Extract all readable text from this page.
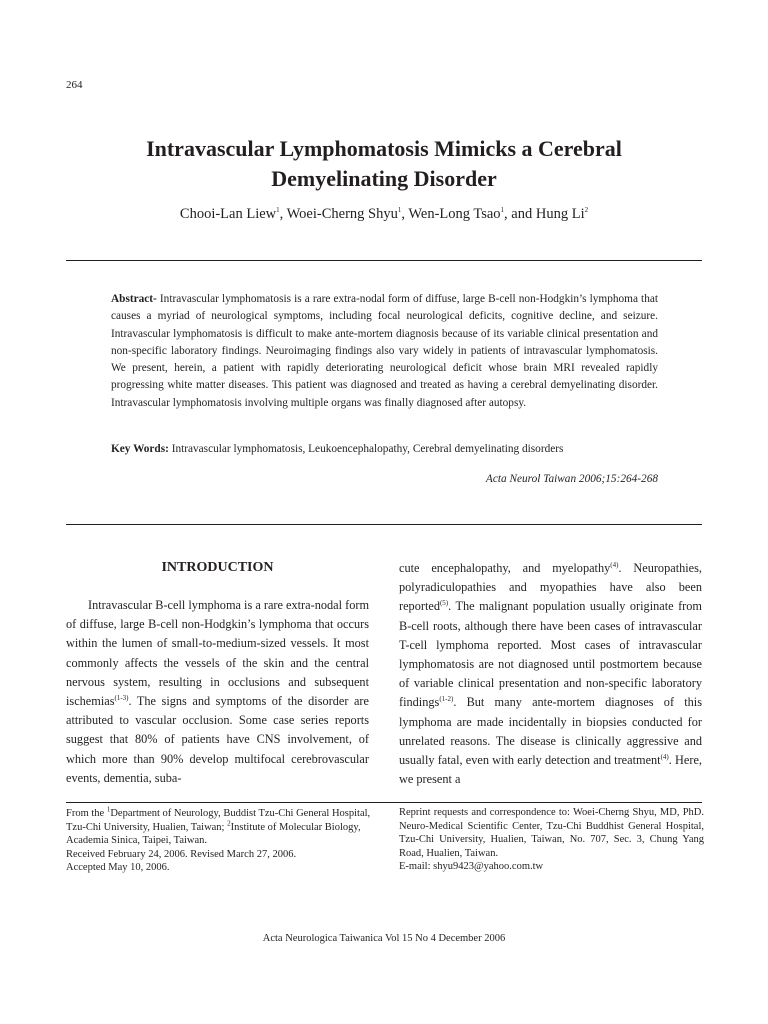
264
Intravascular Lymphomatosis Mimicks a Cerebral
Demyelinating Disorder
Chooi-Lan Liew$^1$, Woei-Cherng Shyu$^1$, Wen-Long Tsao$^1$, and Hung Li$^2$
Abstract- Intravascular lymphomatosis is a rare extra-nodal form of diffuse, large B-cell non-Hodgkin’s lymphoma that causes a myriad of neurological symptoms, including focal neurological deficits, cognitive decline, and seizure. Intravascular lymphomatosis is difficult to make ante-mortem diagnosis because of its variable clinical presentation and non-specific laboratory findings. Neuroimaging findings also vary widely in patients of intravascular lymphomatosis. We present, herein, a patient with rapidly deteriorating neurological deficit whose brain MRI revealed rapidly progressing white matter diseases. This patient was diagnosed and treated as having a cerebral demyelinating disorder. Intravascular lymphomatosis involving multiple organs was finally diagnosed after autopsy.
Key Words: Intravascular lymphomatosis, Leukoencephalopathy, Cerebral demyelinating disorders
Acta Neurol Taiwan 2006;15:264-268
INTRODUCTION

Intravascular B-cell lymphoma is a rare extra-nodal form of diffuse, large B-cell non-Hodgkin’s lymphoma that occurs within the lumen of small-to-medium-sized vessels. It most commonly affects the vessels of the skin and the central nervous system, resulting in occlusions and subsequent ischemias$^{(1-3)}$. The signs and symptoms of the disorder are attributed to vascular occlusion. Some case series reports suggest that 80% of patients have CNS involvement, of which more than 90% develop multifocal cerebrovascular events, dementia, suba-

cute encephalopathy, and myelopathy$^{(4)}$. Neuropathies, polyradiculopathies and myopathies have also been reported$^{(5)}$. The malignant population usually originate from B-cell roots, although there have been cases of intravascular T-cell lymphoma reported. Most cases of intravascular lymphomatosis are not diagnosed until postmortem because of variable clinical presentation and non-specific laboratory findings$^{(1-2)}$. But many ante-mortem diagnoses of this lymphoma are made incidentally in biopsies conducted for unrelated reasons. The disease is clinically aggressive and usually fatal, even with early detection and treatment$^{(4)}$. Here, we present a

From the $^1$Department of Neurology, Buddist Tzu-Chi General Hospital, Tzu-Chi University, Hualien, Taiwan; $^2$Institute of Molecular Biology, Academia Sinica, Taipei, Taiwan.
Received February 24, 2006. Revised March 27, 2006.
Accepted May 10, 2006.
Reprint requests and correspondence to: Woei-Cherng Shyu, MD, PhD. Neuro-Medical Scientific Center, Tzu-Chi Buddhist General Hospital, Tzu-Chi University, Hualien, Taiwan, No. 707, Sec. 3, Chung Yang Road, Hualien, Taiwan.
E-mail: shyu9423@yahoo.com.tw
Acta Neurologica Taiwanica Vol 15 No 4 December 2006
